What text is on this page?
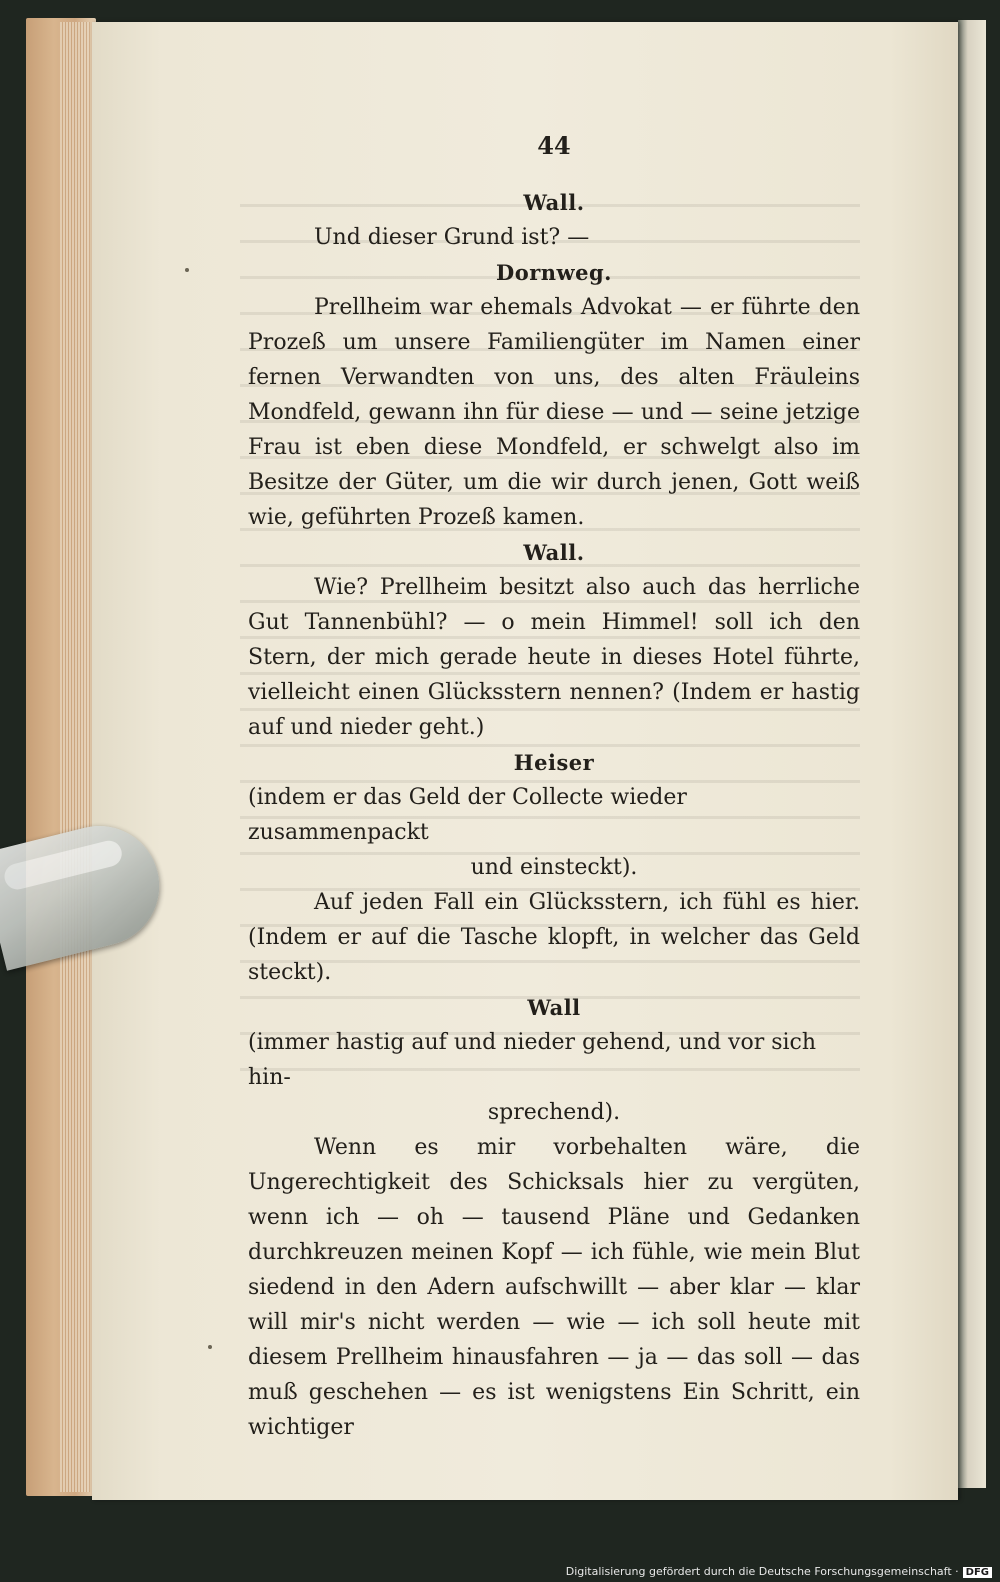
44
Wall.

Und dieser Grund ist? —

Dornweg.

Prellheim war ehemals Advokat — er führte den Prozeß um unsere Familiengüter im Namen einer fernen Verwandten von uns, des alten Fräuleins Mondfeld, gewann ihn für diese — und — seine jetzige Frau ist eben diese Mondfeld, er schwelgt also im Besitze der Güter, um die wir durch jenen, Gott weiß wie, geführten Prozeß kamen.

Wall.

Wie? Prellheim besitzt also auch das herrliche Gut Tannenbühl? — o mein Himmel! soll ich den Stern, der mich gerade heute in dieses Hotel führte, vielleicht einen Glücksstern nennen? (Indem er hastig auf und nieder geht.)

Heiser

(indem er das Geld der Collecte wieder zusammenpackt
und einsteckt).

Auf jeden Fall ein Glücksstern, ich fühl es hier. (Indem er auf die Tasche klopft, in welcher das Geld steckt).

Wall

(immer hastig auf und nieder gehend, und vor sich hin-
sprechend).

Wenn es mir vorbehalten wäre, die Ungerechtigkeit des Schicksals hier zu vergüten, wenn ich — oh — tausend Pläne und Gedanken durchkreuzen meinen Kopf — ich fühle, wie mein Blut siedend in den Adern aufschwillt — aber klar — klar will mir's nicht werden — wie — ich soll heute mit diesem Prellheim hinausfahren — ja — das soll — das muß geschehen — es ist wenigstens Ein Schritt, ein wichtiger

Digitalisierung gefördert durch die Deutsche Forschungsgemeinschaft · DFG
